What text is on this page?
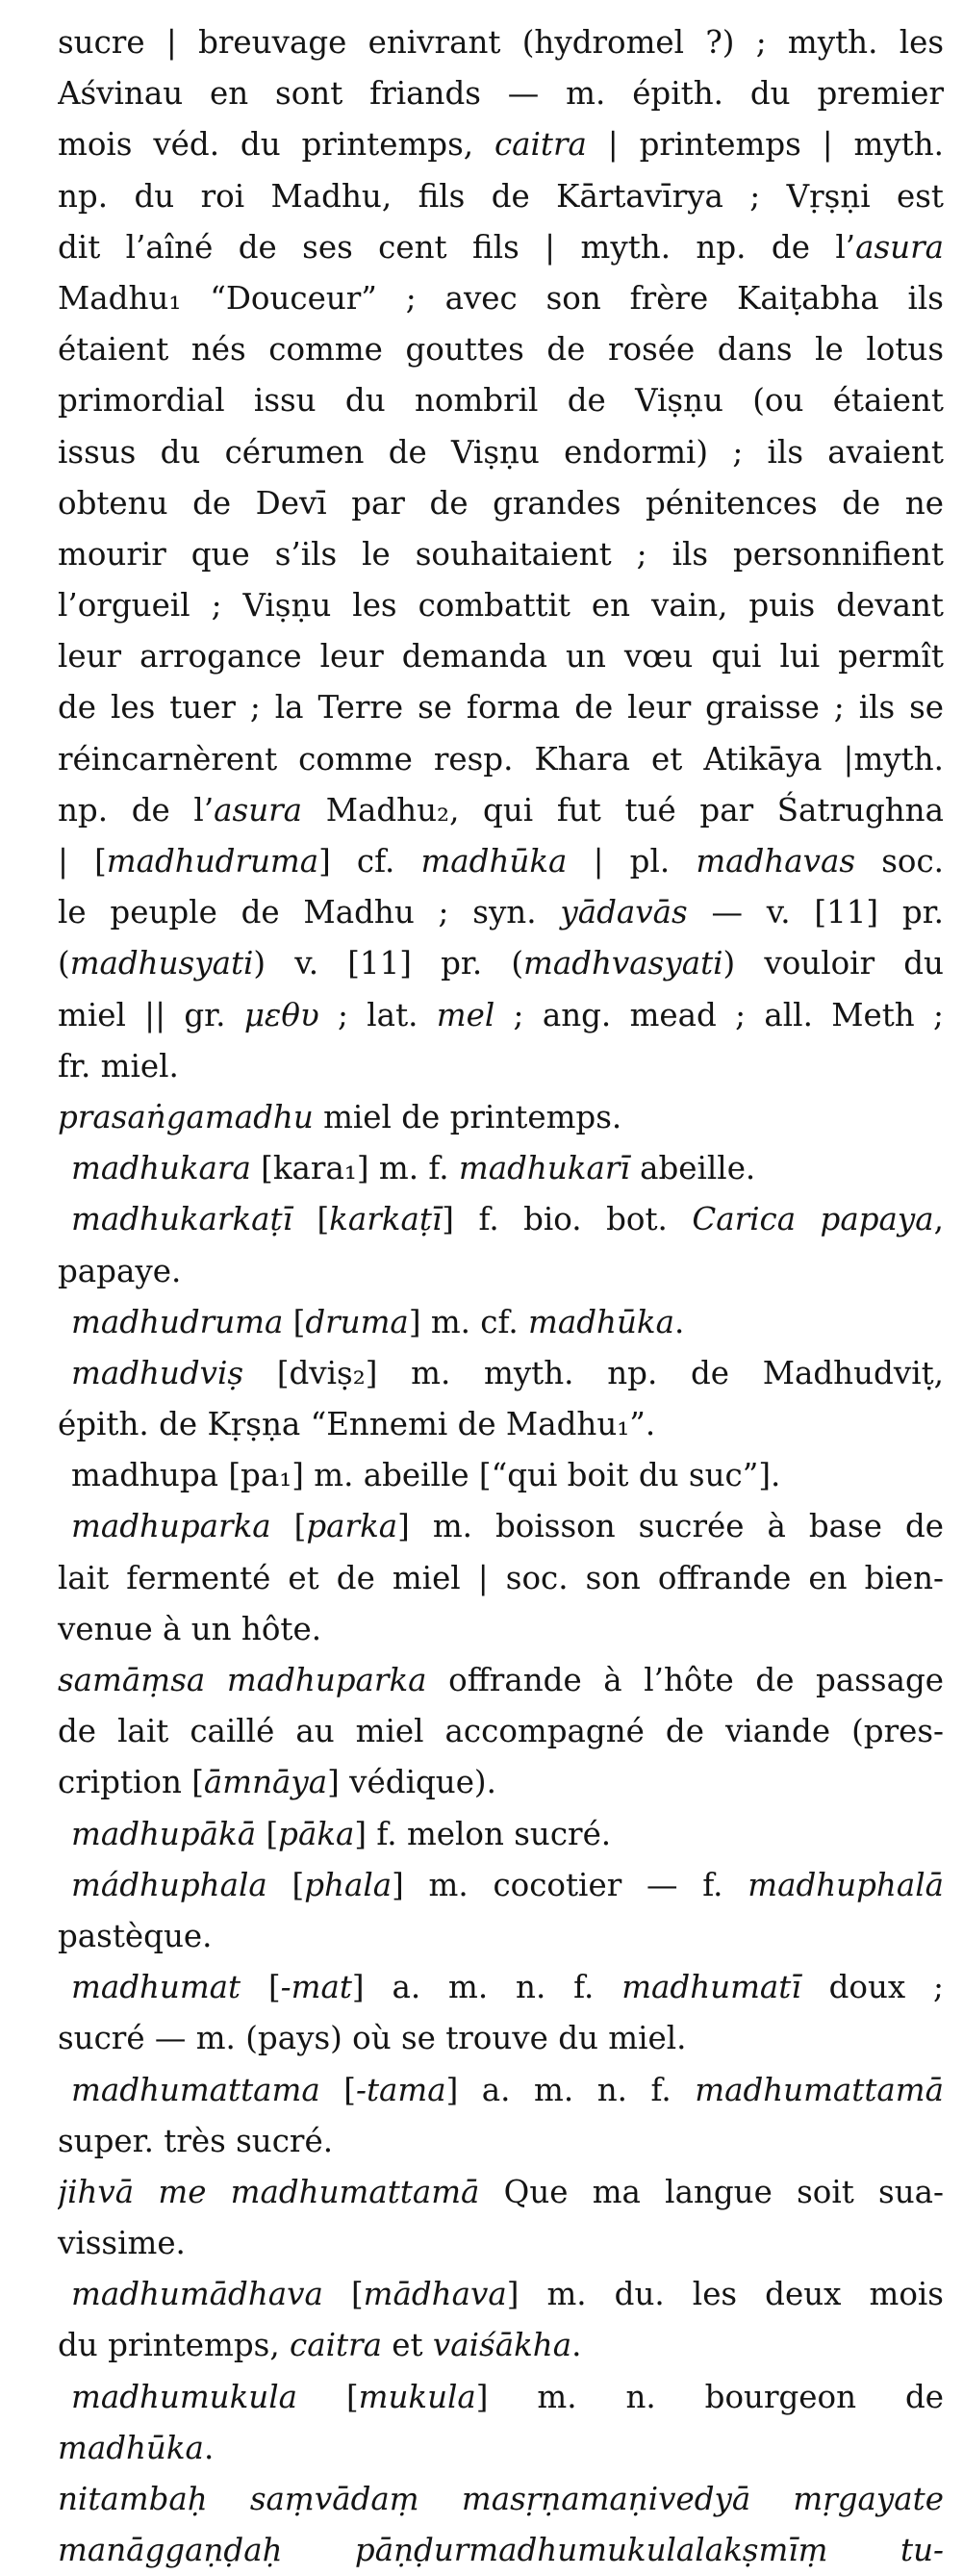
sucre | breuvage enivrant (hydromel ?) ; myth. les
Aśvinau en sont friands — m. épith. du premier
mois véd. du printemps, caitra | printemps | myth.
np. du roi Madhu, fils de Kārtavīrya ; Vṛṣṇi est
dit l’aîné de ses cent fils | myth. np. de l’asura
Madhu₁ “Douceur” ; avec son frère Kaiṭabha ils
étaient nés comme gouttes de rosée dans le lotus
primordial issu du nombril de Viṣṇu (ou étaient
issus du cérumen de Viṣṇu endormi) ; ils avaient
obtenu de Devī par de grandes pénitences de ne
mourir que s’ils le souhaitaient ; ils personnifient
l’orgueil ; Viṣṇu les combattit en vain, puis devant
leur arrogance leur demanda un vœu qui lui permît
de les tuer ; la Terre se forma de leur graisse ; ils se
réincarnèrent comme resp. Khara et Atikāya |myth.
np. de l’asura Madhu₂, qui fut tué par Śatrughna
| [madhudruma] cf. madhūka | pl. madhavas soc.
le peuple de Madhu ; syn. yādavās — v. [11] pr.
(madhusyati) v. [11] pr. (madhvasyati) vouloir du
miel || gr. μεθυ ; lat. mel ; ang. mead ; all. Meth ;
fr. miel.
prasaṅgamadhu miel de printemps.
madhukara [kara₁] m. f. madhukarī abeille.
madhukarkaṭī [karkaṭī] f. bio. bot. Carica papaya,
papaye.
madhudruma [druma] m. cf. madhūka.
madhudviṣ [dviṣ₂] m. myth. np. de Madhudviṭ,
épith. de Kṛṣṇa “Ennemi de Madhu₁”.
madhupa [pa₁] m. abeille [“qui boit du suc”].
madhuparka [parka] m. boisson sucrée à base de
lait fermenté et de miel | soc. son offrande en bien-
venue à un hôte.
samāṃsa madhuparka offrande à l’hôte de passage
de lait caillé au miel accompagné de viande (pres-
cription [āmnāya] védique).
madhupākā [pāka] f. melon sucré.
mádhuphala [phala] m. cocotier — f. madhuphalā
pastèque.
madhumat [-mat] a. m. n. f. madhumatī doux ;
sucré — m. (pays) où se trouve du miel.
madhumattama [-tama] a. m. n. f. madhumattamā
super. très sucré.
jihvā me madhumattamā Que ma langue soit sua-
vissime.
madhumādhava [mādhava] m. du. les deux mois
du printemps, caitra et vaiśākha.
madhumukula [mukula] m. n. bourgeon de
madhūka.
nitambaḥ saṃvādaṃ masṛṇamaṇivedyā mṛgayate
manāggaṇḍaḥ pāṇḍurmadhumukulalakṣmīṃ tu-
